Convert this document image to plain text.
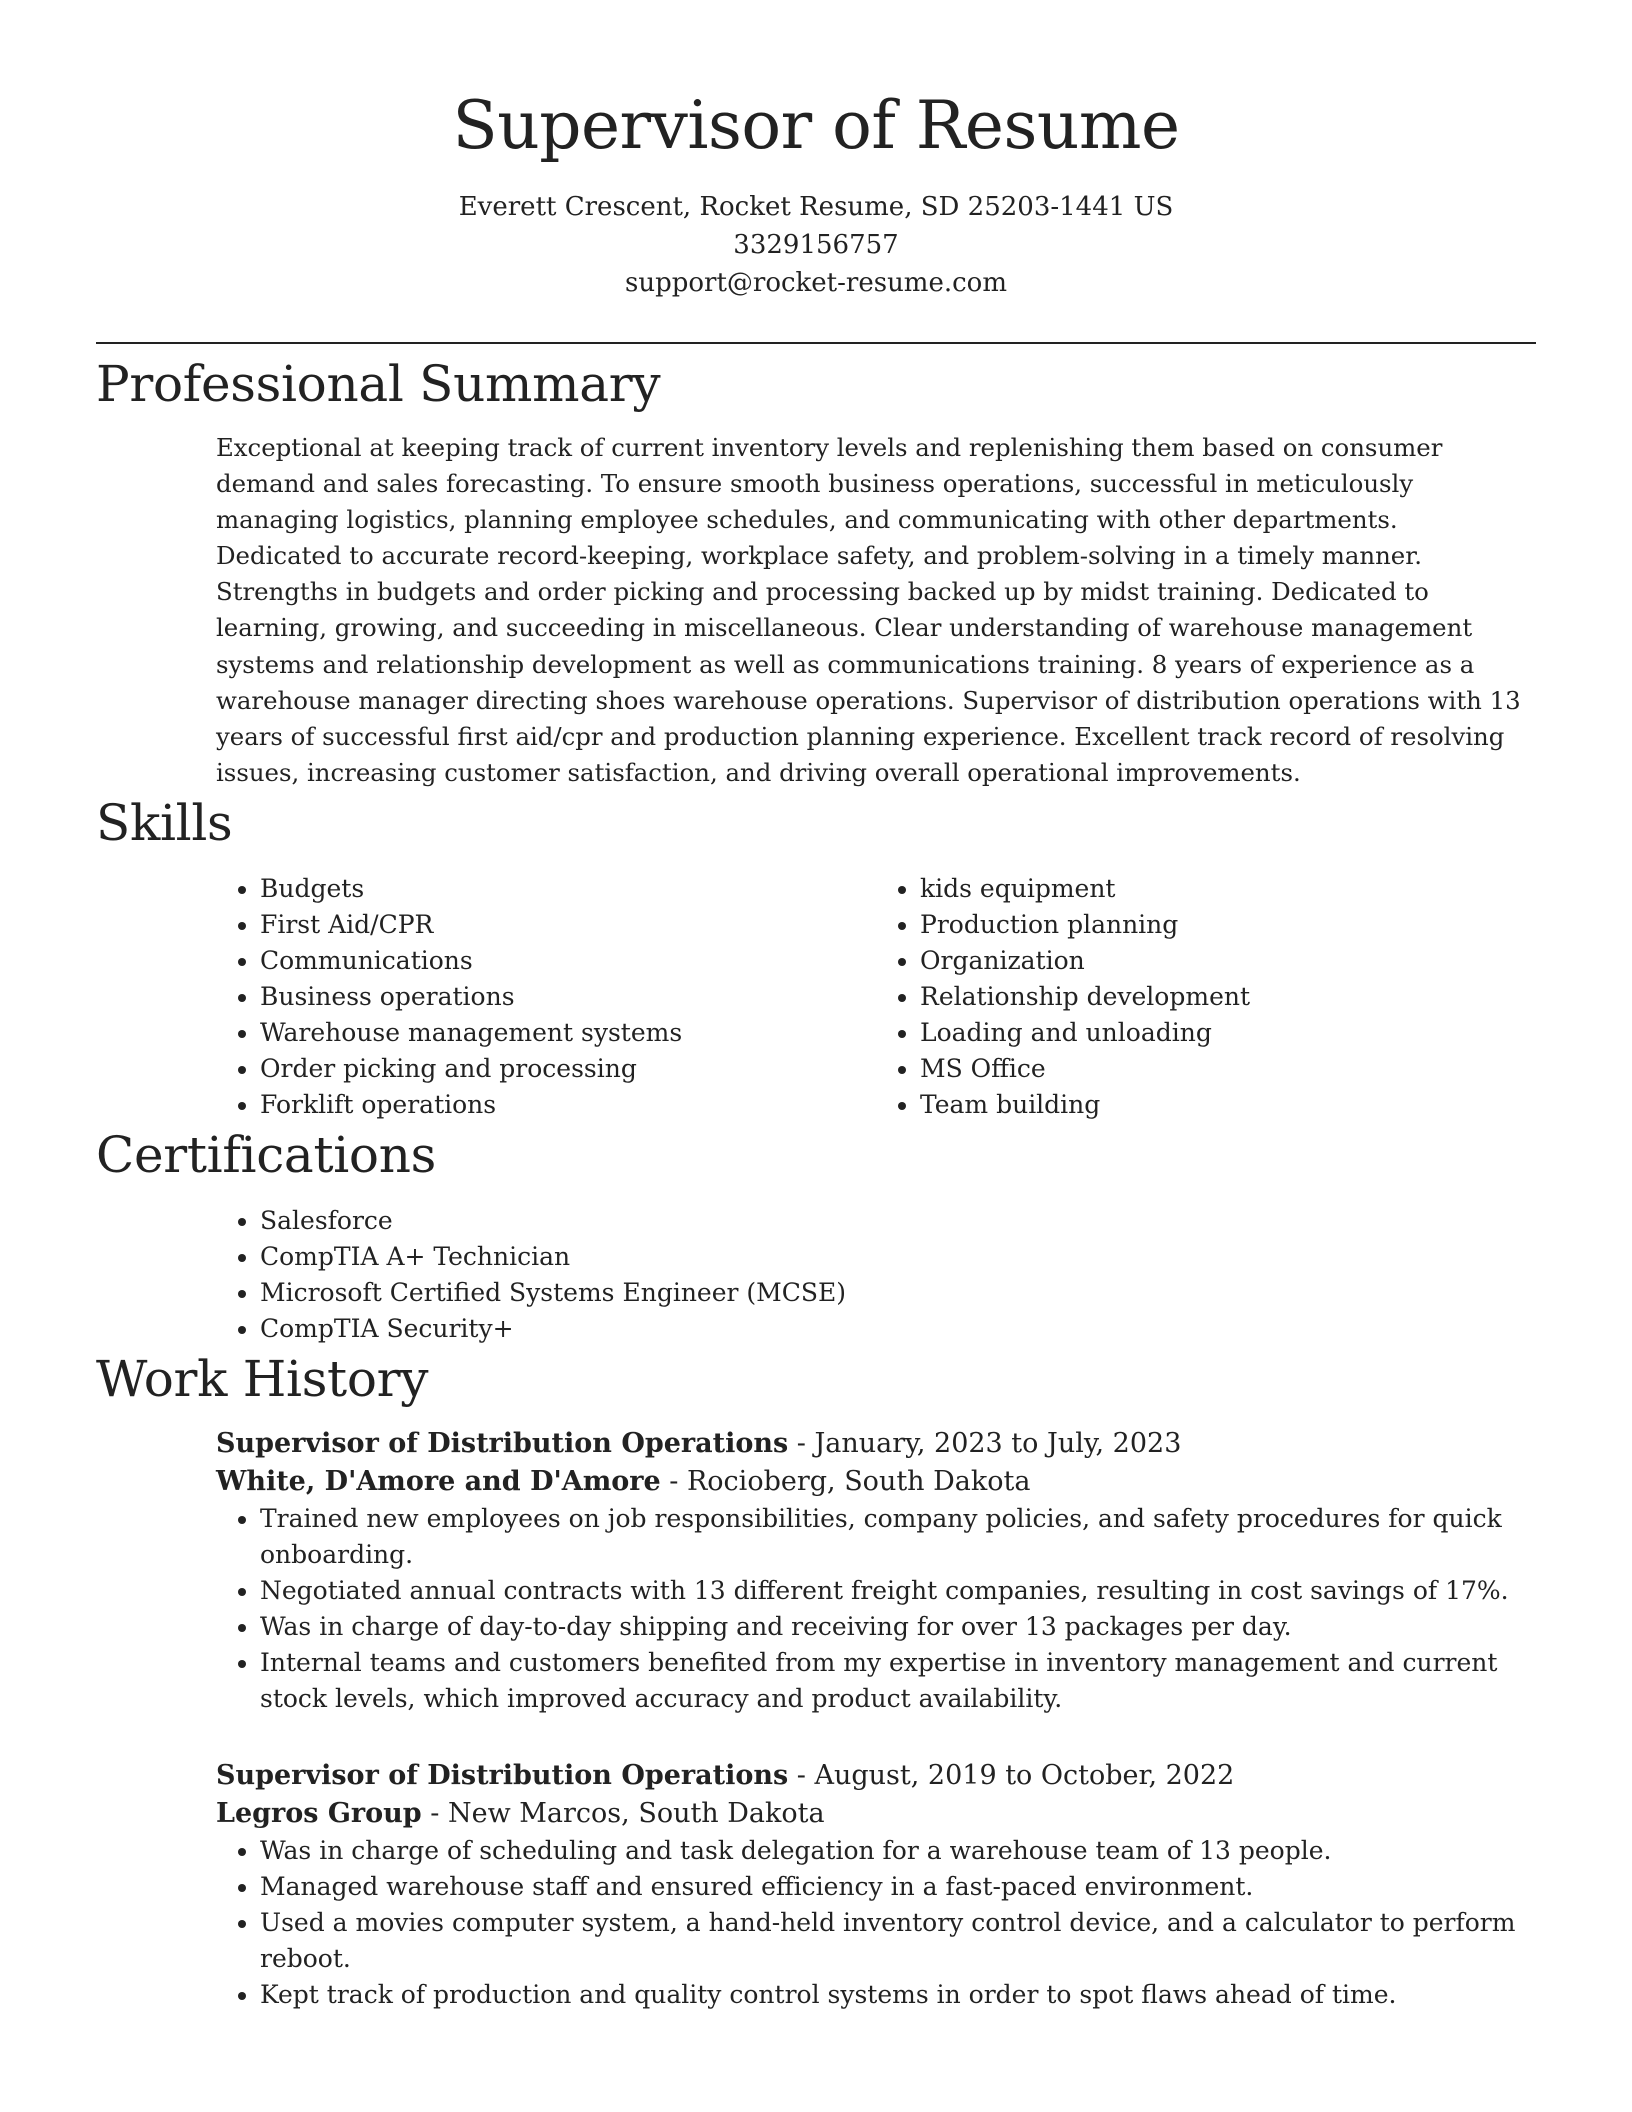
Supervisor of Resume
Everett Crescent, Rocket Resume, SD 25203-1441 US
3329156757
support@rocket-resume.com
Professional Summary

Exceptional at keeping track of current inventory levels and replenishing them based on consumer demand and sales forecasting. To ensure smooth business operations, successful in meticulously managing logistics, planning employee schedules, and communicating with other departments. Dedicated to accurate record-keeping, workplace safety, and problem-solving in a timely manner. Strengths in budgets and order picking and processing backed up by midst training. Dedicated to learning, growing, and succeeding in miscellaneous. Clear understanding of warehouse management systems and relationship development as well as communications training. 8 years of experience as a warehouse manager directing shoes warehouse operations. Supervisor of distribution operations with 13 years of successful first aid/cpr and production planning experience. Excellent track record of resolving issues, increasing customer satisfaction, and driving overall operational improvements.

Skills
• Budgets
• First Aid/CPR
• Communications
• Business operations
• Warehouse management systems
• Order picking and processing
• Forklift operations
• kids equipment
• Production planning
• Organization
• Relationship development
• Loading and unloading
• MS Office
• Team building
Certifications
• Salesforce
• CompTIA A+ Technician
• Microsoft Certified Systems Engineer (MCSE)
• CompTIA Security+
Work History
Supervisor of Distribution Operations - January, 2023 to July, 2023
White, D'Amore and D'Amore - Rocioberg, South Dakota
• Trained new employees on job responsibilities, company policies, and safety procedures for quick onboarding.
• Negotiated annual contracts with 13 different freight companies, resulting in cost savings of 17%.
• Was in charge of day-to-day shipping and receiving for over 13 packages per day.
• Internal teams and customers benefited from my expertise in inventory management and current stock levels, which improved accuracy and product availability.
Supervisor of Distribution Operations - August, 2019 to October, 2022
Legros Group - New Marcos, South Dakota
• Was in charge of scheduling and task delegation for a warehouse team of 13 people.
• Managed warehouse staff and ensured efficiency in a fast-paced environment.
• Used a movies computer system, a hand-held inventory control device, and a calculator to perform reboot.
• Kept track of production and quality control systems in order to spot flaws ahead of time.
